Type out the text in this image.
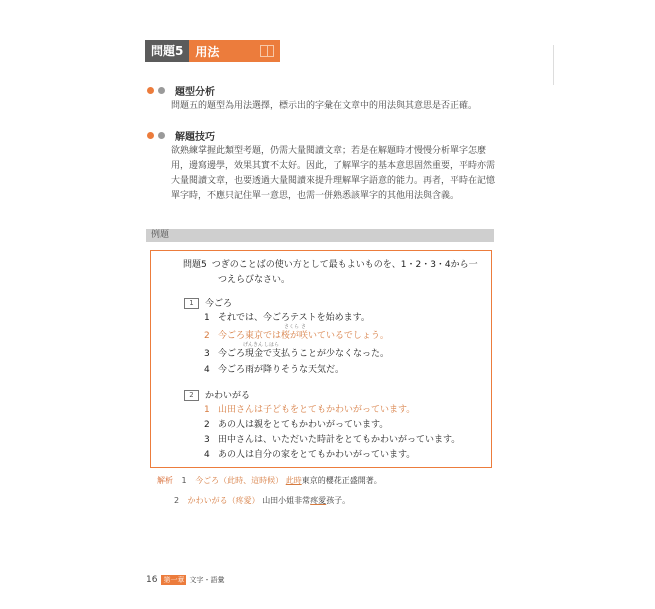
問題5	用法
題型分析
問題五的題型為用法選擇，標示出的字彙在文章中的用法與其意思是否正確。
解題技巧
欲熟練掌握此類型考題，仍需大量閱讀文章；若是在解題時才慢慢分析單字怎麼用，邊寫邊學，效果其實不太好。因此，了解單字的基本意思固然重要，平時亦需大量閱讀文章，也要透過大量閱讀來提升理解單字語意的能力。再者，平時在記憶單字時，不應只記住單一意思，也需一併熟悉該單字的其他用法與含義。
例題
問題5 つぎのことばの使い方として最もよいものを、1・2・3・4から一
つえらびなさい。
1	今ごろ
1 それでは、今ごろテストを始めます。
さくら さ
2 今ごろ東京では桜が咲いているでしょう。
げんきん しはら
3 今ごろ現金で支払うことが少なくなった。
4 今ごろ雨が降りそうな天気だ。
2	かわいがる
1 山田さんは子どもをとてもかわいがっています。
2 あの人は親をとてもかわいがっています。
3 田中さんは、いただいた時計をとてもかわいがっています。
4 あの人は自分の家をとてもかわいがっています。
解析 1 今ごろ（此時、這時候） 此時東京的櫻花正盛開著。
2 かわいがる（疼愛） 山田小姐非常疼愛孩子。
16 第一章 文字・語彙
